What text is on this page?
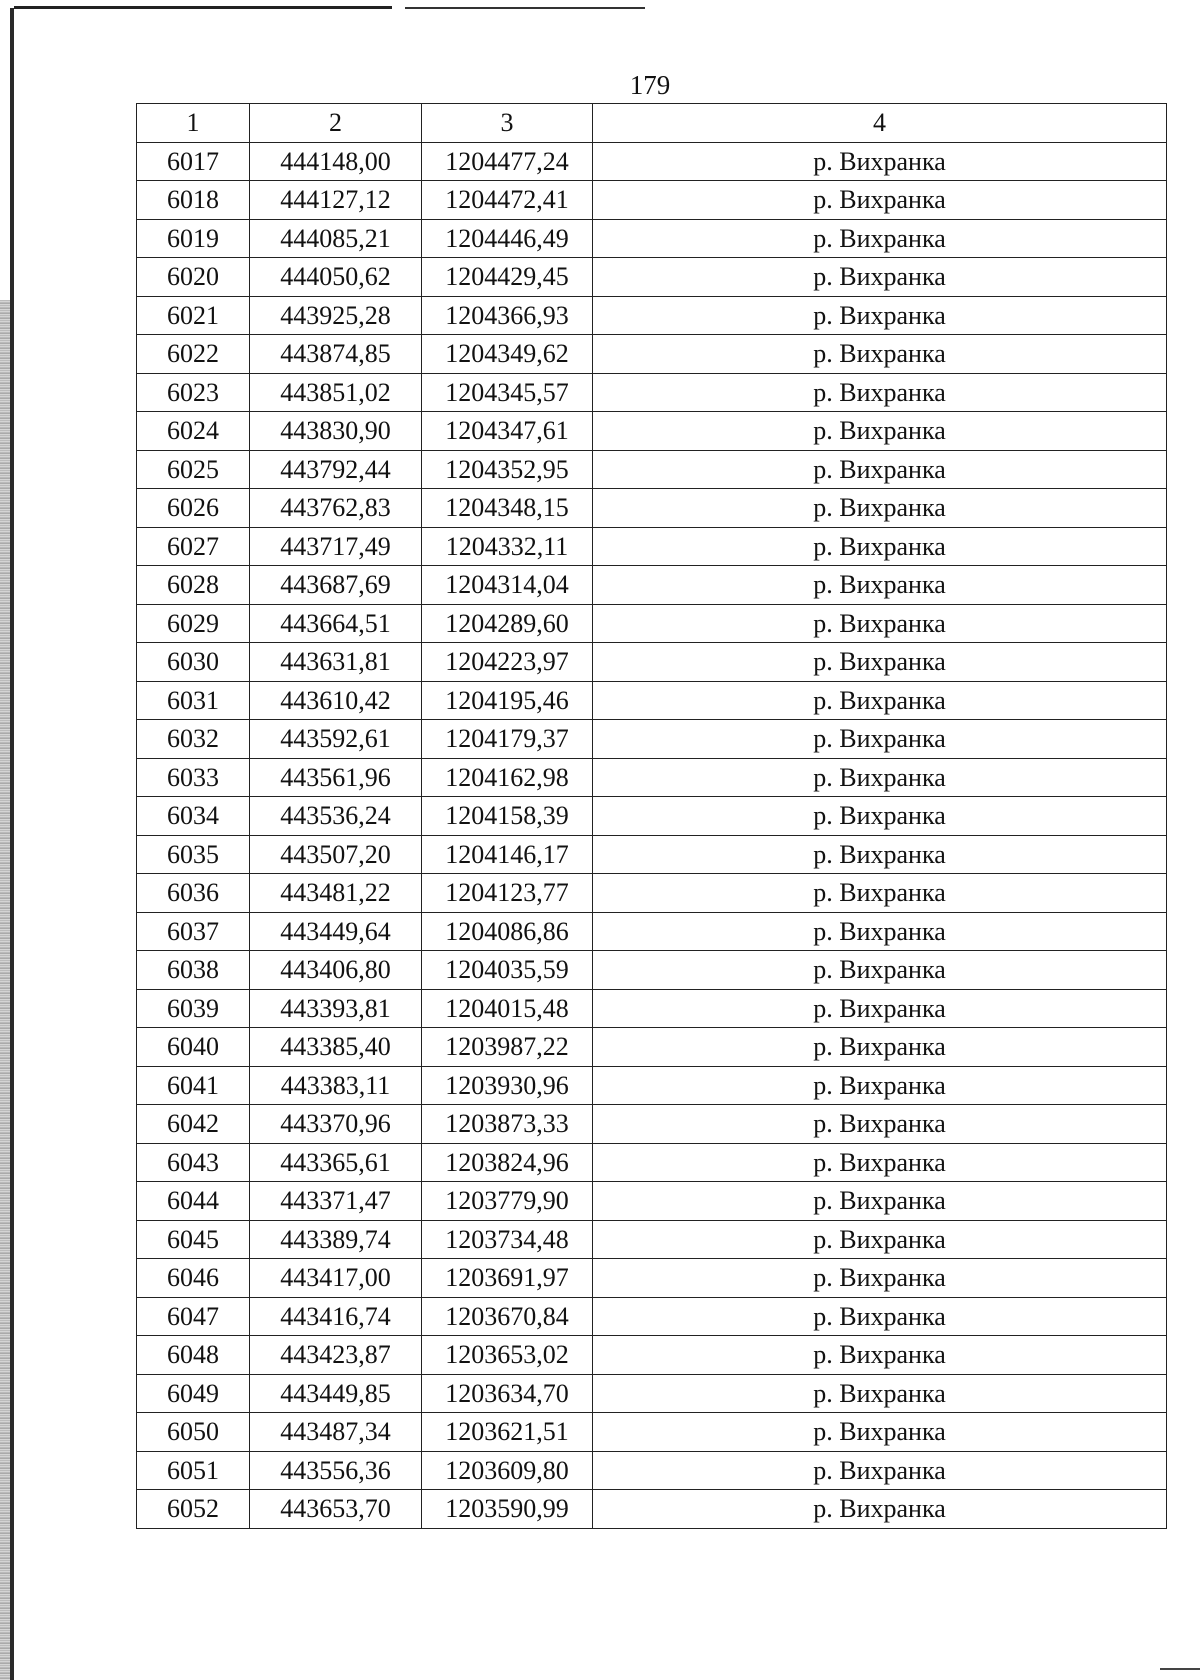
179
1	2	3	4
6017	444148,00	1204477,24	р. Вихранка
6018	444127,12	1204472,41	р. Вихранка
6019	444085,21	1204446,49	р. Вихранка
6020	444050,62	1204429,45	р. Вихранка
6021	443925,28	1204366,93	р. Вихранка
6022	443874,85	1204349,62	р. Вихранка
6023	443851,02	1204345,57	р. Вихранка
6024	443830,90	1204347,61	р. Вихранка
6025	443792,44	1204352,95	р. Вихранка
6026	443762,83	1204348,15	р. Вихранка
6027	443717,49	1204332,11	р. Вихранка
6028	443687,69	1204314,04	р. Вихранка
6029	443664,51	1204289,60	р. Вихранка
6030	443631,81	1204223,97	р. Вихранка
6031	443610,42	1204195,46	р. Вихранка
6032	443592,61	1204179,37	р. Вихранка
6033	443561,96	1204162,98	р. Вихранка
6034	443536,24	1204158,39	р. Вихранка
6035	443507,20	1204146,17	р. Вихранка
6036	443481,22	1204123,77	р. Вихранка
6037	443449,64	1204086,86	р. Вихранка
6038	443406,80	1204035,59	р. Вихранка
6039	443393,81	1204015,48	р. Вихранка
6040	443385,40	1203987,22	р. Вихранка
6041	443383,11	1203930,96	р. Вихранка
6042	443370,96	1203873,33	р. Вихранка
6043	443365,61	1203824,96	р. Вихранка
6044	443371,47	1203779,90	р. Вихранка
6045	443389,74	1203734,48	р. Вихранка
6046	443417,00	1203691,97	р. Вихранка
6047	443416,74	1203670,84	р. Вихранка
6048	443423,87	1203653,02	р. Вихранка
6049	443449,85	1203634,70	р. Вихранка
6050	443487,34	1203621,51	р. Вихранка
6051	443556,36	1203609,80	р. Вихранка
6052	443653,70	1203590,99	р. Вихранка
